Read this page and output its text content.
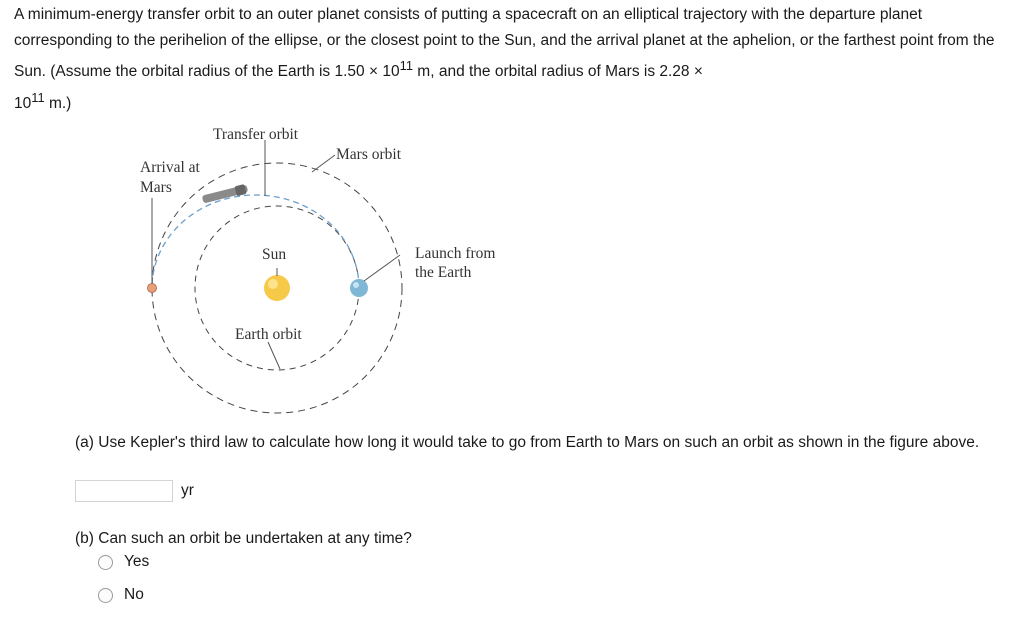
A minimum-energy transfer orbit to an outer planet consists of putting a spacecraft on an elliptical trajectory with the departure planet corresponding to the perihelion of the ellipse, or the closest point to the Sun, and the arrival planet at the aphelion, or the farthest point from the Sun. (Assume the orbital radius of the Earth is $1.50 \times 10^{11}$ m, and the orbital radius of Mars is 2.28 ×
$10^{11}$ m.)

Transfer orbit
Mars orbit
Arrival at
Mars
Sun	Launch from
the Earth
Earth orbit

(a) Use Kepler's third law to calculate how long it would take to go from Earth to Mars on such an orbit as shown in the figure above.

yr

(b) Can such an orbit be undertaken at any time?

Yes
No
